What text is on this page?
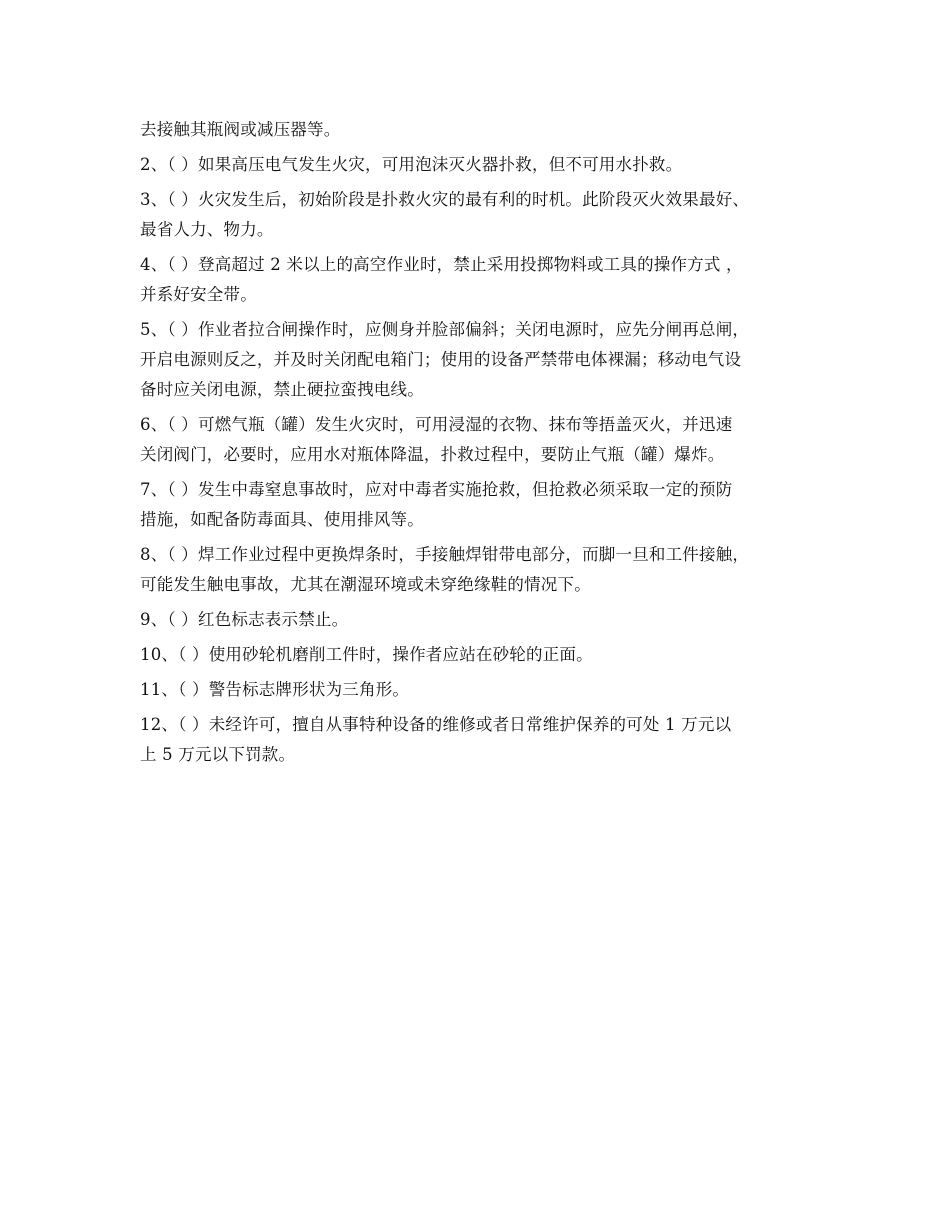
去接触其瓶阀或减压器等。
2、（ ）如果高压电气发生火灾，可用泡沫灭火器扑救，但不可用水扑救。
3、（ ）火灾发生后，初始阶段是扑救火灾的最有利的时机。此阶段灭火效果最好、
最省人力、物力。
4、（ ）登高超过 2 米以上的高空作业时，禁止采用投掷物料或工具的操作方式 ，
并系好安全带。
5、（ ）作业者拉合闸操作时，应侧身并脸部偏斜；关闭电源时，应先分闸再总闸，
开启电源则反之，并及时关闭配电箱门；使用的设备严禁带电体裸漏；移动电气设
备时应关闭电源，禁止硬拉蛮拽电线。
6、（ ）可燃气瓶（罐）发生火灾时，可用浸湿的衣物、抹布等捂盖灭火，并迅速
关闭阀门，必要时，应用水对瓶体降温，扑救过程中，要防止气瓶（罐）爆炸。
7、（ ）发生中毒窒息事故时，应对中毒者实施抢救，但抢救必须采取一定的预防
措施，如配备防毒面具、使用排风等。
8、（ ）焊工作业过程中更换焊条时，手接触焊钳带电部分，而脚一旦和工件接触，
可能发生触电事故，尤其在潮湿环境或未穿绝缘鞋的情况下。
9、（ ）红色标志表示禁止。
10、（ ）使用砂轮机磨削工件时，操作者应站在砂轮的正面。
11、（ ）警告标志牌形状为三角形。
12、（ ）未经许可，擅自从事特种设备的维修或者日常维护保养的可处 1 万元以
上 5 万元以下罚款。
